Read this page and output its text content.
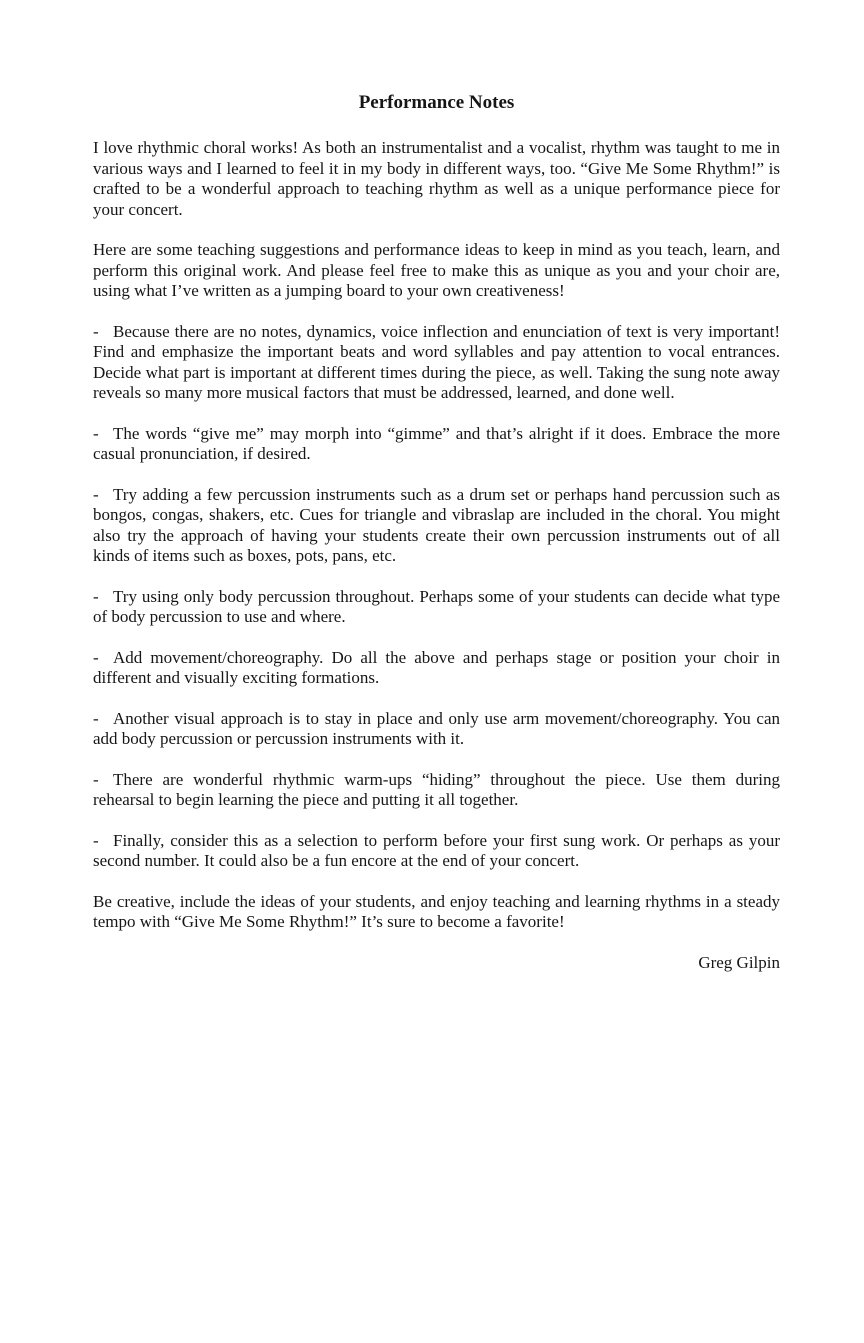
Performance Notes

I love rhythmic choral works! As both an instrumentalist and a vocalist, rhythm was taught to me in various ways and I learned to feel it in my body in different ways, too. “Give Me Some Rhythm!” is crafted to be a wonderful approach to teaching rhythm as well as a unique performance piece for your concert.

Here are some teaching suggestions and performance ideas to keep in mind as you teach, learn, and perform this original work. And please feel free to make this as unique as you and your choir are, using what I’ve written as a jumping board to your own creativeness!

- Because there are no notes, dynamics, voice inflection and enunciation of text is very important! Find and emphasize the important beats and word syllables and pay attention to vocal entrances. Decide what part is important at different times during the piece, as well. Taking the sung note away reveals so many more musical factors that must be addressed, learned, and done well.

- The words “give me” may morph into “gimme” and that’s alright if it does. Embrace the more casual pronunciation, if desired.

- Try adding a few percussion instruments such as a drum set or perhaps hand percussion such as bongos, congas, shakers, etc. Cues for triangle and vibraslap are included in the choral. You might also try the approach of having your students create their own percussion instruments out of all kinds of items such as boxes, pots, pans, etc.

- Try using only body percussion throughout. Perhaps some of your students can decide what type of body percussion to use and where.

- Add movement/choreography. Do all the above and perhaps stage or position your choir in different and visually exciting formations.

- Another visual approach is to stay in place and only use arm movement/choreography. You can add body percussion or percussion instruments with it.

- There are wonderful rhythmic warm-ups “hiding” throughout the piece. Use them during rehearsal to begin learning the piece and putting it all together.

- Finally, consider this as a selection to perform before your first sung work. Or perhaps as your second number. It could also be a fun encore at the end of your concert.

Be creative, include the ideas of your students, and enjoy teaching and learning rhythms in a steady tempo with “Give Me Some Rhythm!” It’s sure to become a favorite!

Greg Gilpin
